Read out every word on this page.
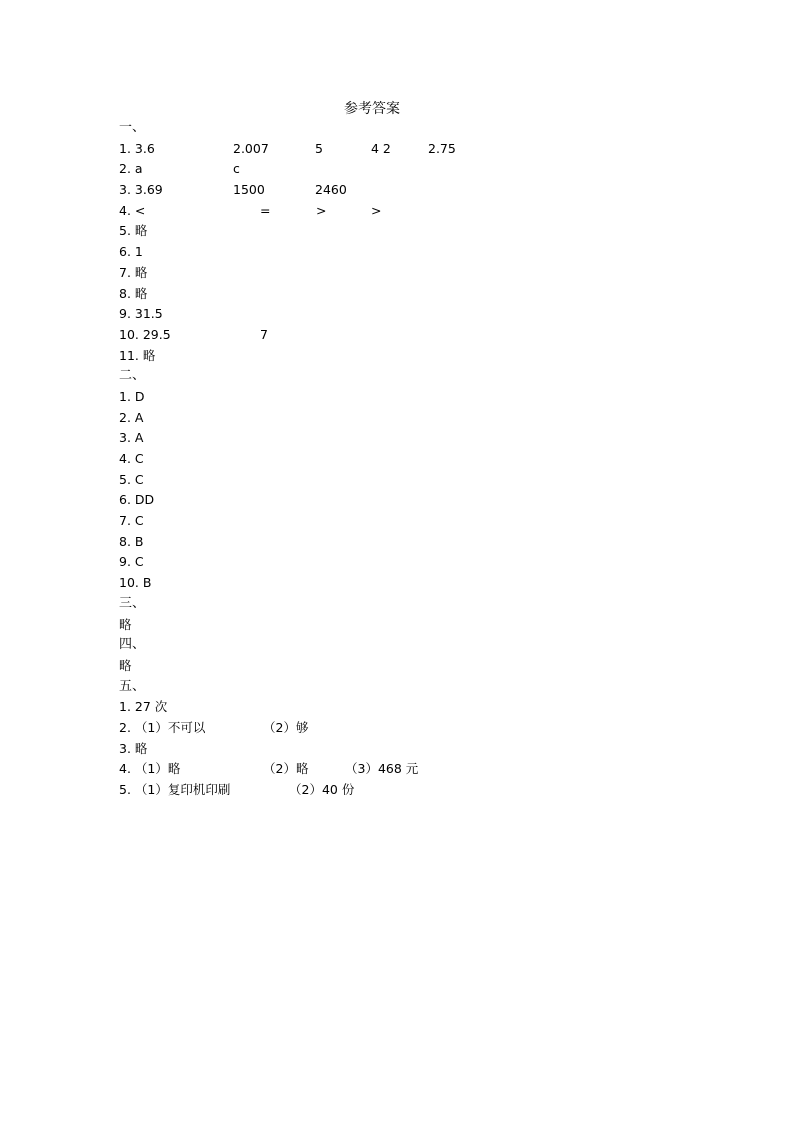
参考答案
一、
1. 3.6	2.007	5	4 2	2.75
2. a	c
3. 3.69	1500	2460
4. <	=	>	>
5. 略
6. 1
7. 略
8. 略
9. 31.5
10. 29.5	7
11. 略
二、
1. D
2. A
3. A
4. C
5. C
6. DD
7. C
8. B
9. C
10. B
三、
略
四、
略
五、
1. 27 次
2. （1）不可以	（2）够
3. 略
4. （1）略	（2）略	（3）468 元
5. （1）复印机印刷	（2）40 份
